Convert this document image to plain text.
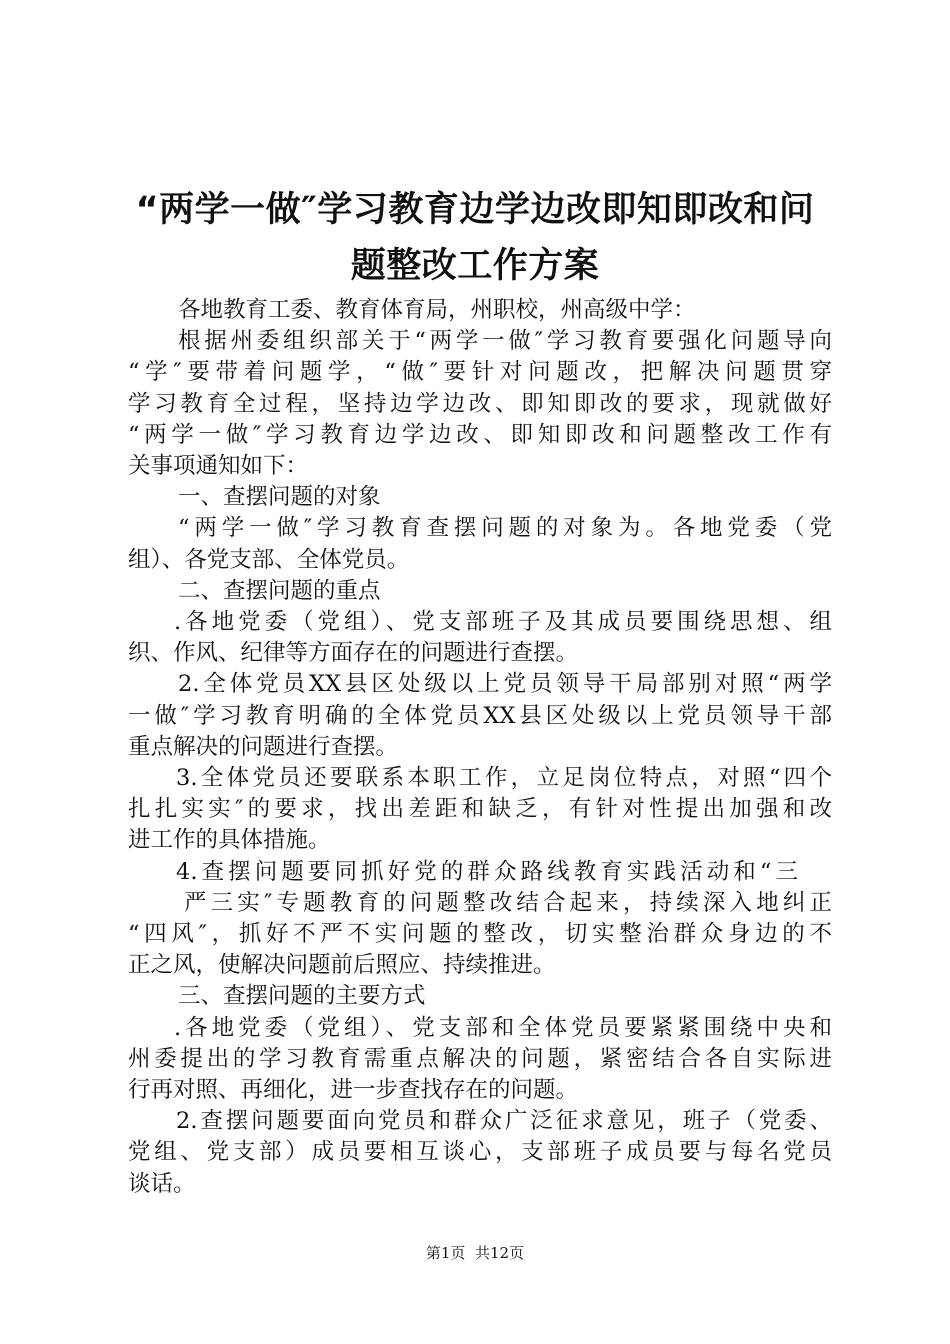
“两学一做″学习教育边学边改即知即改和问
题整改工作方案
各地教育工委、教育体育局，州职校，州高级中学：
根据州委组织部关于“两学一做″学习教育要强化问题导向
“学″要带着问题学，“做″要针对问题改，把解决问题贯穿
学习教育全过程，坚持边学边改、即知即改的要求，现就做好
“两学一做″学习教育边学边改、即知即改和问题整改工作有
关事项通知如下：
一、查摆问题的对象
“两学一做″学习教育查摆问题的对象为。各地党委（党
组）、各党支部、全体党员。
二、查摆问题的重点
.各地党委（党组）、党支部班子及其成员要围绕思想、组
织、作风、纪律等方面存在的问题进行查摆。
2.全体党员XX县区处级以上党员领导干局部别对照“两学
一做″学习教育明确的全体党员XX县区处级以上党员领导干部
重点解决的问题进行查摆。
3.全体党员还要联系本职工作，立足岗位特点，对照“四个
扎扎实实″的要求，找出差距和缺乏，有针对性提出加强和改
进工作的具体措施。
4.查摆问题要同抓好党的群众路线教育实践活动和“三
严三实″专题教育的问题整改结合起来，持续深入地纠正
“四风″，抓好不严不实问题的整改，切实整治群众身边的不
正之风，使解决问题前后照应、持续推进。
三、查摆问题的主要方式
.各地党委（党组）、党支部和全体党员要紧紧围绕中央和
州委提出的学习教育需重点解决的问题，紧密结合各自实际进
行再对照、再细化，进一步查找存在的问题。
2.查摆问题要面向党员和群众广泛征求意见，班子（党委、
党组、党支部）成员要相互谈心，支部班子成员要与每名党员
谈话。
第1页  共12页
